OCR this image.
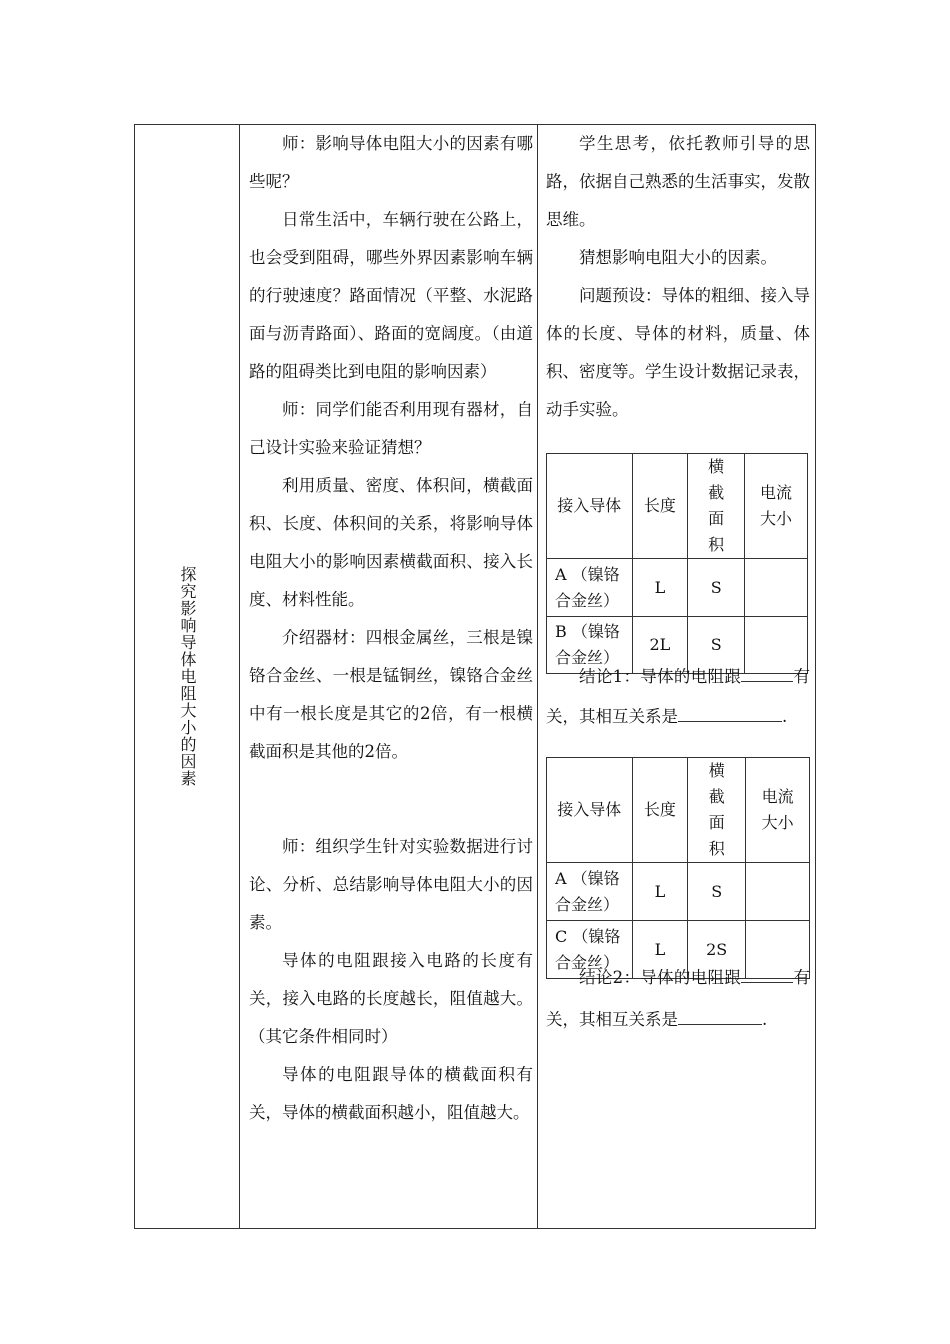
探究影响导体电阻大小的因素

师：影响导体电阻大小的因素有哪些呢？

日常生活中，车辆行驶在公路上，也会受到阻碍，哪些外界因素影响车辆的行驶速度？路面情况（平整、水泥路面与沥青路面）、路面的宽阔度。（由道路的阻碍类比到电阻的影响因素）

师：同学们能否利用现有器材，自己设计实验来验证猜想？

利用质量、密度、体积间，横截面积、长度、体积间的关系，将影响导体电阻大小的影响因素横截面积、接入长度、材料性能。

介绍器材：四根金属丝，三根是镍铬合金丝、一根是锰铜丝，镍铬合金丝中有一根长度是其它的2倍，有一根横截面积是其他的2倍。

师：组织学生针对实验数据进行讨论、分析、总结影响导体电阻大小的因素。

导体的电阻跟接入电路的长度有关，接入电路的长度越长，阻值越大。（其它条件相同时）

导体的电阻跟导体的横截面积有关，导体的横截面积越小，阻值越大。

学生思考，依托教师引导的思路，依据自己熟悉的生活事实，发散思维。

猜想影响电阻大小的因素。

问题预设：导体的粗细、接入导体的长度、导体的材料，质量、体积、密度等。学生设计数据记录表，动手实验。

接入导体	长度	横截面积	电流大小
A （镍铬合金丝）	L	S	
B （镍铬合金丝）	2L	S	
结论1：导体的电阻跟	有关，其相互关系是	.
接入导体	长度	横截面积	电流大小
A （镍铬合金丝）	L	S	
C （镍铬合金丝）	L	2S	
结论2：导体的电阻跟	有关，其相互关系是	.
